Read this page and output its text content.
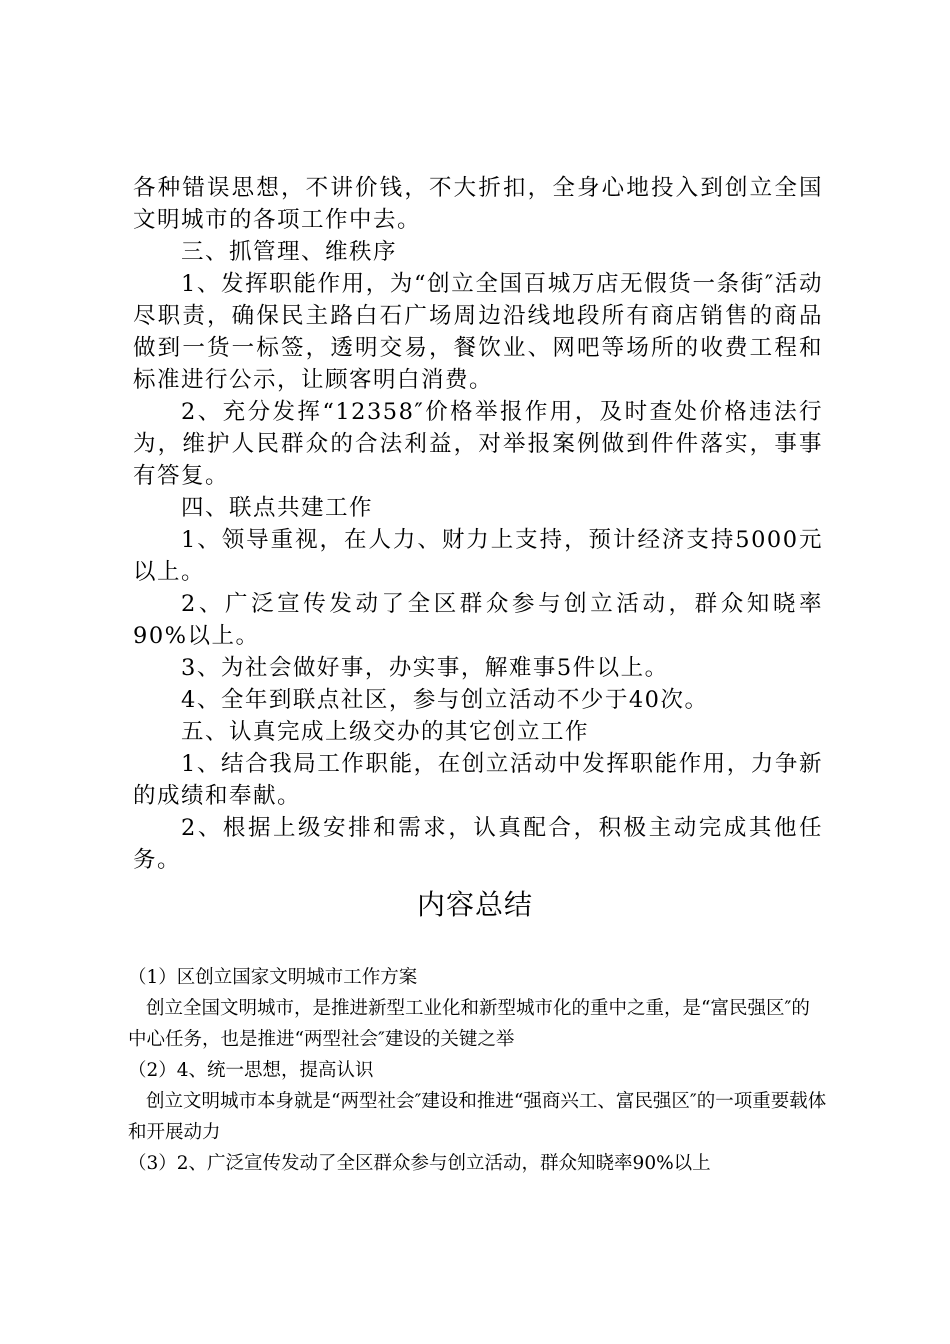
各种错误思想，不讲价钱，不大折扣，全身心地投入到创立全国文明城市的各项工作中去。

三、抓管理、维秩序

1、发挥职能作用，为“创立全国百城万店无假货一条街″活动尽职责，确保民主路白石广场周边沿线地段所有商店销售的商品做到一货一标签，透明交易，餐饮业、网吧等场所的收费工程和标准进行公示，让顾客明白消费。

2、充分发挥“12358″价格举报作用，及时查处价格违法行为，维护人民群众的合法利益，对举报案例做到件件落实，事事有答复。

四、联点共建工作

1、领导重视，在人力、财力上支持，预计经济支持5000元以上。

2、广泛宣传发动了全区群众参与创立活动，群众知晓率90%以上。

3、为社会做好事，办实事，解难事5件以上。

4、全年到联点社区，参与创立活动不少于40次。

五、认真完成上级交办的其它创立工作

1、结合我局工作职能，在创立活动中发挥职能作用，力争新的成绩和奉献。

2、根据上级安排和需求，认真配合，积极主动完成其他任务。

内容总结

（1）区创立国家文明城市工作方案

创立全国文明城市，是推进新型工业化和新型城市化的重中之重，是“富民强区″的中心任务，也是推进“两型社会″建设的关键之举

（2）4、统一思想，提高认识

创立文明城市本身就是“两型社会″建设和推进“强商兴工、富民强区″的一项重要载体和开展动力

（3）2、广泛宣传发动了全区群众参与创立活动，群众知晓率90%以上
